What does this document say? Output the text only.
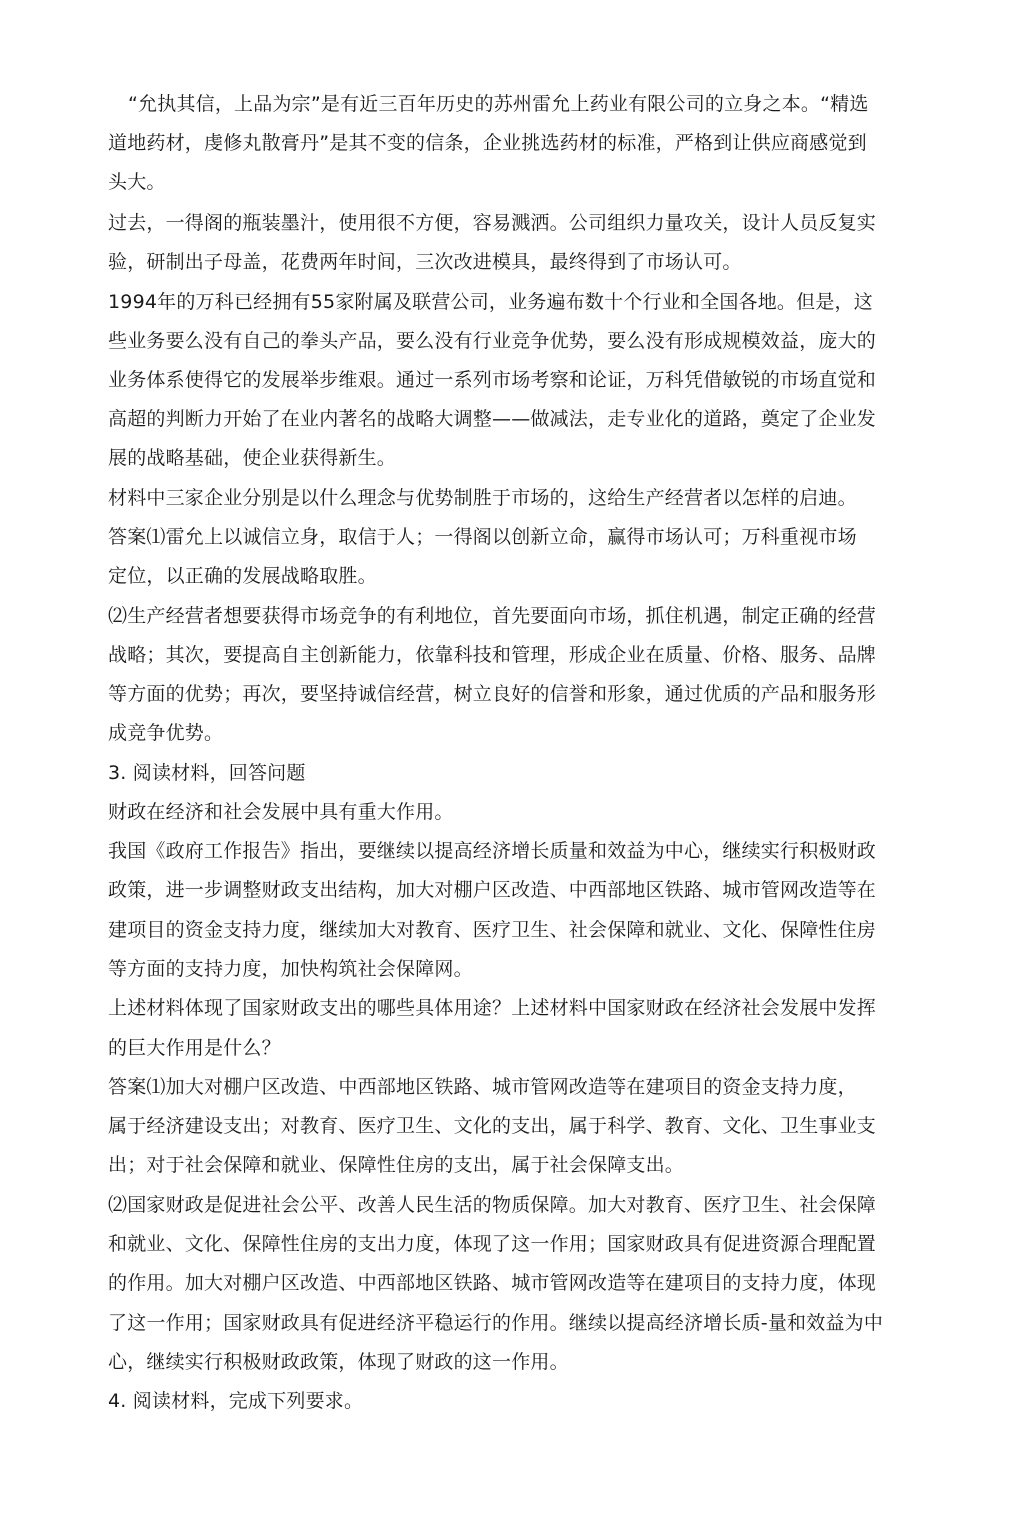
“允执其信，上品为宗”是有近三百年历史的苏州雷允上药业有限公司的立身之本。“精选
道地药材，虔修丸散膏丹”是其不变的信条，企业挑选药材的标准，严格到让供应商感觉到
头大。
过去，一得阁的瓶装墨汁，使用很不方便，容易溅洒。公司组织力量攻关，设计人员反复实
验，研制出子母盖，花费两年时间，三次改进模具，最终得到了市场认可。
1994年的万科已经拥有55家附属及联营公司，业务遍布数十个行业和全国各地。但是，这
些业务要么没有自己的拳头产品，要么没有行业竞争优势，要么没有形成规模效益，庞大的
业务体系使得它的发展举步维艰。通过一系列市场考察和论证，万科凭借敏锐的市场直觉和
高超的判断力开始了在业内著名的战略大调整——做减法，走专业化的道路，奠定了企业发
展的战略基础，使企业获得新生。
材料中三家企业分别是以什么理念与优势制胜于市场的，这给生产经营者以怎样的启迪。
答案⑴雷允上以诚信立身，取信于人；一得阁以创新立命，赢得市场认可；万科重视市场
定位，以正确的发展战略取胜。
⑵生产经营者想要获得市场竞争的有利地位，首先要面向市场，抓住机遇，制定正确的经营
战略；其次，要提高自主创新能力，依靠科技和管理，形成企业在质量、价格、服务、品牌
等方面的优势；再次，要坚持诚信经营，树立良好的信誉和形象，通过优质的产品和服务形
成竞争优势。
3. 阅读材料，回答问题
财政在经济和社会发展中具有重大作用。
我国《政府工作报告》指出，要继续以提高经济增长质量和效益为中心，继续实行积极财政
政策，进一步调整财政支出结构，加大对棚户区改造、中西部地区铁路、城市管网改造等在
建项目的资金支持力度，继续加大对教育、医疗卫生、社会保障和就业、文化、保障性住房
等方面的支持力度，加快构筑社会保障网。
上述材料体现了国家财政支出的哪些具体用途？上述材料中国家财政在经济社会发展中发挥
的巨大作用是什么？
答案⑴加大对棚户区改造、中西部地区铁路、城市管网改造等在建项目的资金支持力度，
属于经济建设支出；对教育、医疗卫生、文化的支出，属于科学、教育、文化、卫生事业支
出；对于社会保障和就业、保障性住房的支出，属于社会保障支出。
⑵国家财政是促进社会公平、改善人民生活的物质保障。加大对教育、医疗卫生、社会保障
和就业、文化、保障性住房的支出力度，体现了这一作用；国家财政具有促进资源合理配置
的作用。加大对棚户区改造、中西部地区铁路、城市管网改造等在建项目的支持力度，体现
了这一作用；国家财政具有促进经济平稳运行的作用。继续以提高经济增长质-量和效益为中
心，继续实行积极财政政策，体现了财政的这一作用。
4. 阅读材料，完成下列要求。
